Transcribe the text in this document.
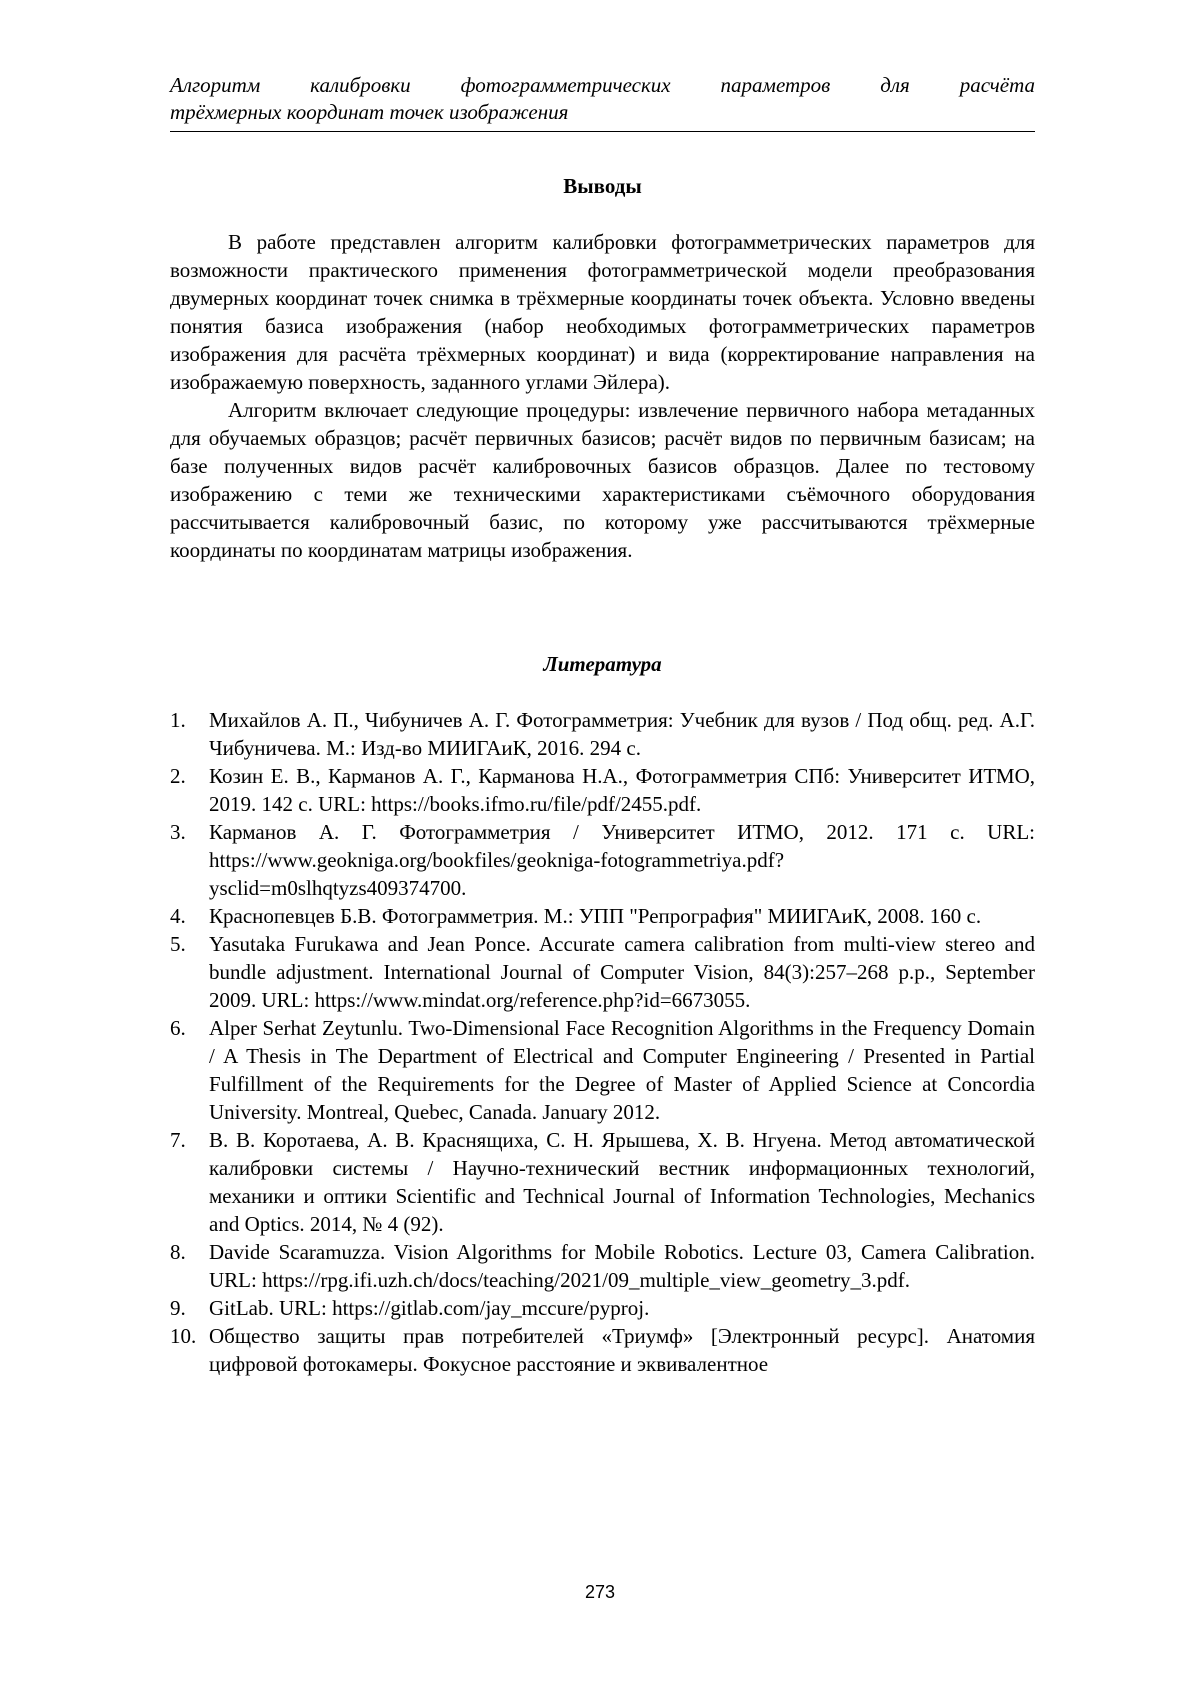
Алгоритм калибровки фотограмметрических параметров для расчёта
трёхмерных координат точек изображения
Выводы

В работе представлен алгоритм калибровки фотограмметрических параметров для возможности практического применения фотограмметрической модели преобразования двумерных координат точек снимка в трёхмерные координаты точек объекта. Условно введены понятия базиса изображения (набор необходимых фотограмметрических параметров изображения для расчёта трёхмерных координат) и вида (корректирование направления на изображаемую поверхность, заданного углами Эйлера).

Алгоритм включает следующие процедуры: извлечение первичного набора метаданных для обучаемых образцов; расчёт первичных базисов; расчёт видов по первичным базисам; на базе полученных видов расчёт калибровочных базисов образцов. Далее по тестовому изображению с теми же техническими характеристиками съёмочного оборудования рассчитывается калибровочный базис, по которому уже рассчитываются трёхмерные координаты по координатам матрицы изображения.

Литература
1.	Михайлов А. П., Чибуничев А. Г. Фотограмметрия: Учебник для вузов / Под общ. ред. А.Г. Чибуничева. М.: Изд-во МИИГАиК, 2016. 294 с.
2.	Козин Е. В., Карманов А. Г., Карманова Н.А., Фотограмметрия СПб: Университет ИТМО, 2019. 142 с. URL: https://books.ifmo.ru/file/pdf/2455.pdf.
3.	Карманов А. Г. Фотограмметрия / Университет ИТМО, 2012. 171 с. URL: https://www.geokniga.org/bookfiles/geokniga-fotogrammetriya.pdf?ysclid=m0slhqtyzs409374700.
4.	Краснопевцев Б.В. Фотограмметрия. М.: УПП "Репрография" МИИГАиК, 2008. 160 с.
5.	Yasutaka Furukawa and Jean Ponce. Accurate camera calibration from multi-view stereo and bundle adjustment. International Journal of Computer Vision, 84(3):257–268 p.p., September 2009. URL: https://www.mindat.org/reference.php?id=6673055.
6.	Alper Serhat Zeytunlu. Two-Dimensional Face Recognition Algorithms in the Frequency Domain / A Thesis in The Department of Electrical and Computer Engineering / Presented in Partial Fulfillment of the Requirements for the Degree of Master of Applied Science at Concordia University. Montreal, Quebec, Canada. January 2012.
7.	В. В. Коротаева, А. В. Краснящиха, С. Н. Ярышева, Х. В. Нгуена. Метод автоматической калибровки системы / Научно-технический вестник информационных технологий, механики и оптики Scientific and Technical Journal of Information Technologies, Mechanics and Optics. 2014, № 4 (92).
8.	Davide Scaramuzza. Vision Algorithms for Mobile Robotics. Lecture 03, Camera Calibration. URL: https://rpg.ifi.uzh.ch/docs/teaching/2021/09_multiple_view_geometry_3.pdf.
9.	GitLab. URL: https://gitlab.com/jay_mccure/pyproj.
10. Общество защиты прав потребителей «Триумф» [Электронный ресурс]. Анатомия цифровой фотокамеры. Фокусное расстояние и эквивалентное
273
